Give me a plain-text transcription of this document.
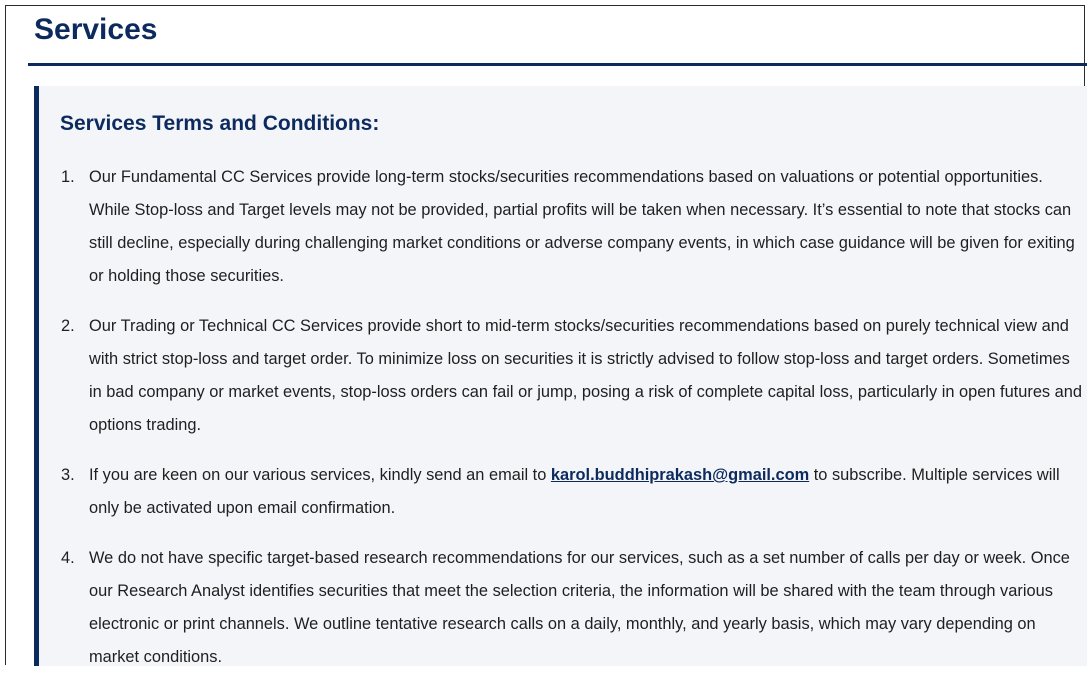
Services
Services Terms and Conditions:
1. Our Fundamental CC Services provide long-term stocks/securities recommendations based on valuations or potential opportunities. While Stop-loss and Target levels may not be provided, partial profits will be taken when necessary. It’s essential to note that stocks can still decline, especially during challenging market conditions or adverse company events, in which case guidance will be given for exiting or holding those securities.
2. Our Trading or Technical CC Services provide short to mid-term stocks/securities recommendations based on purely technical view and with strict stop-loss and target order. To minimize loss on securities it is strictly advised to follow stop-loss and target orders. Sometimes in bad company or market events, stop-loss orders can fail or jump, posing a risk of complete capital loss, particularly in open futures and options trading.
3. If you are keen on our various services, kindly send an email to karol.buddhiprakash@gmail.com to subscribe. Multiple services will only be activated upon email confirmation.
4. We do not have specific target-based research recommendations for our services, such as a set number of calls per day or week. Once our Research Analyst identifies securities that meet the selection criteria, the information will be shared with the team through various electronic or print channels. We outline tentative research calls on a daily, monthly, and yearly basis, which may vary depending on market conditions.
